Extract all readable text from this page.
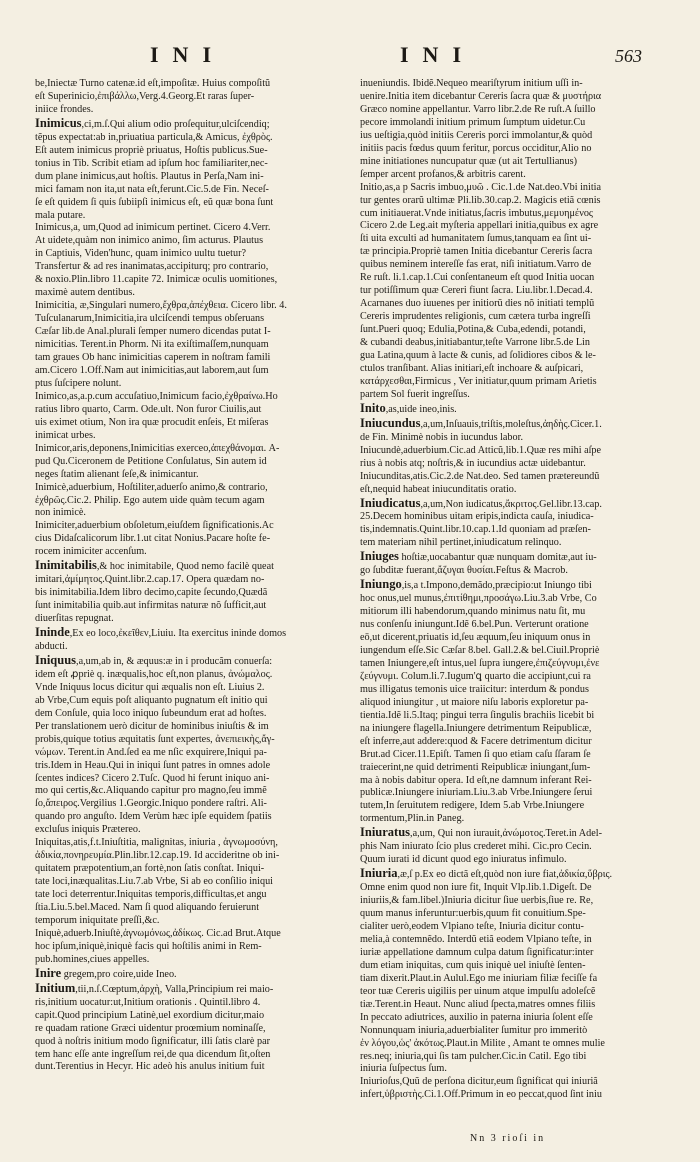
INI	INI	563
be,Iniectæ Turno catenæ.id eſt,impoſitæ. Huius compoſitũ
eſt Superinicio,ἐπιβάλλω,Verg.4.Georg.Et raras ſuper-
iniice frondes.
Inimicus,ci,m.ſ.Qui alium odio proſequitur,ulciſcendiq;
tẽpus expectat:ab in,priuatiua particula,& Amicus, ἐχθρὸς.
Eſt autem inimicus propriè priuatus, Hoſtis publicus.Sue-
tonius in Tib. Scribit etiam ad ipſum hoc familiariter,nec-
dum plane inimicus,aut hoſtis. Plautus in Perſa,Nam ini-
mici famam non ita,ut nata eſt,ferunt.Cic.5.de Fin. Neceſ-
ſe eſt quidem ſi quis ſubiipſi inimicus eſt, eũ quæ bona ſunt
mala putare.
Inimicus,a, um,Quod ad inimicum pertinet. Cicero 4.Verr.
At uidete,quàm non inimico animo, ſim acturus. Plautus
in Captiuis, Viden'hunc, quam inimico uultu tuetur?
Transfertur & ad res inanimatas,accipiturq; pro contrario,
& noxio.Plin.libro 11.capite 72. Inimicæ oculis uomitiones,
maximè autem dentibus.
Inimicitia, æ,Singulari numero,ἔχθρα,ἀπέχθεια. Cicero libr. 4.
Tuſculanarum,Inimicitia,ira ulciſcendi tempus obſeruans
Cæſar lib.de Anal.plurali ſemper numero dicendas putat I-
nimicitias. Terent.in Phorm. Ni ita exiſtimaſſem,nunquam
tam graues Ob hanc inimicitias caperem in noſtram famili
am.Cicero 1.Off.Nam aut inimicitias,aut laborem,aut ſum
ptus ſuſcipere nolunt.
Inimico,as,a.p.cum accuſatiuo,Inimicum facio,ἐχθραίνω.Ho
ratius libro quarto, Carm. Ode.ult. Non furor Ciuilis,aut
uis eximet otium, Non ira quæ procudit enſeis, Et miſeras
inimicat urbes.
Inimicor,aris,deponens,Inimicitias exerceo,ἀπεχθάνομαι. A-
pud Qu.Ciceronem de Petitione Conſulatus, Sin autem id
neges ſtatim alienant ſeſe,& inimicantur.
Inimicè,aduerbium, Hoſtiliter,aduerſo animo,& contrario,
ἐχθρῶς.Cic.2. Philip. Ego autem uide quàm tecum agam
non inimicè.
Inimiciter,aduerbium obſoletum,eiuſdem ſignificationis.Ac
cius Didaſcalicorum libr.1.ut citat Nonius.Pacare hoſte fe-
rocem inimiciter accenſum.
Inimitabilis,& hoc inimitabile, Quod nemo facilè queat
imitari,ἀμίμητος.Quint.libr.2.cap.17. Opera quædam no-
bis inimitabilia.Idem libro decimo,capite ſecundo,Quædã
ſunt inimitabilia quib.aut infirmitas naturæ nõ ſufficit,aut
diuerſitas repugnat.
Ininde,Ex eo loco,ἐκεῖθεν,Liuiu. Ita exercitus ininde domos
abducti.
Iniquus,a,um,ab in, & æquus:æ in i producãm conuerſa:
idem eſt ꝓpriè q. inæqualis,hoc eſt,non planus, ἀνώμαλος.
Vnde Iniquus locus dicitur qui æqualis non eſt. Liuius 2.
ab Vrbe,Cum equis poſt aliquanto pugnatum eſt initio qui
dem Conſule, quia loco iniquo ſubeundum erat ad hoſtes.
Per translationem uerò dicitur de hominibus iniuſtis & im
probis,quique totius æquitatis ſunt expertes, ἀνεπιεικὴς,ἄγ-
νώμων. Terent.in And.ſed ea me nſic exquirere,Iniqui pa-
tris.Idem in Heau.Qui in iniqui ſunt patres in omnes adole
ſcentes indices? Cicero 2.Tuſc. Quod hi ferunt iniquo ani-
mo qui certis,&c.Aliquando capitur pro magno,ſeu immẽ
ſo,ἄπειρος.Vergilius 1.Georgic.Iniquo pondere raſtri. Ali-
quando pro anguſto. Idem Verùm hæc ipſe equidem ſpatiis
excluſus iniquis Prætereo.
Iniquitas,atis,f.t.Iniuſtitia, malignitas, iniuria , ἀγνωμοσύνη,
ἀδικία,πονηρευμία.Plin.libr.12.cap.19. Id accideritne ob ini-
quitatem præpotentium,an fortè,non ſatis conſtat. Iniqui-
tate loci,inæqualitas.Liu.7.ab Vrbe, Si ab eo conſilio iniqui
tate loci deterrentur.Iniquitas temporis,difficultas,et angu
ſtia.Liu.5.bel.Maced. Nam ſi quod aliquando feruierunt
temporum iniquitate preſſi,&c.
Iniquè,aduerb.Iniuſtè,ἀγνωμόνως,ἀδίκως. Cic.ad Brut.Atque
hoc ipſum,iniquè,iniquè facis qui hoſtilis animi in Rem-
pub.homines,ciues appelles.
Inire gregem,pro coire,uide Ineo.
Initium,tii,n.ſ.Cœptum,ἀρχὴ, Valla,Principium rei maio-
ris,initium uocatur:ut,Initium orationis . Quintil.libro 4.
capit.Quod principium Latinè,uel exordium dicitur,maio
re quadam ratione Græci uidentur proœmium nominaſſe,
quod à noſtris initium modo ſignificatur, illi ſatis clarè par
tem hanc eſſe ante ingreſſum rei,de qua dicendum ſit,oſten
dunt.Terentius in Hecyr. Hic adeò his anulus initium fuit
inueniundis. Ibidẽ.Nequeo meariſtyrum initium uſſi in-
uenire.Initia item dicebantur Cereris ſacra quæ & μυστήρια
Græco nomine appellantur. Varro libr.2.de Re ruſt.A ſuillo
pecore immolandi initium primum ſumptum uidetur.Cu
ius ueſtigia,quòd initiis Cereris porci immolantur,& quòd
initiis pacis fœdus quum feritur, porcus occiditur,Alio no
mine initiationes nuncupatur quæ (ut ait Tertullianus)
ſemper arcent profanos,& arbitris carent.
Initio,as,a p Sacris imbuo,μυῶ . Cic.1.de Nat.deo.Vbi initia
tur gentes orarũ ultimæ Pli.lib.30.cap.2. Magicis etiã cœnis
cum initiauerat.Vnde initiatus,ſacris imbutus,μεμυημένος
Cicero 2.de Leg.ait myſteria appellari initia,quibus ex agre
ſti uita exculti ad humanitatem ſumus,tanquam ea ſint ui-
tæ principia.Propriè tamen Initia dicebantur Cereris ſacra
quibus neminem intereſſe fas erat, niſi initiatum.Varro de
Re ruſt. li.1.cap.1.Cui conſentaneum eſt quod Initia uocan
tur potiſſimum quæ Cereri fiunt ſacra. Liu.libr.1.Decad.4.
Acarnanes duo iuuenes per initiorũ dies nõ initiati templũ
Cereris imprudentes religionis, cum cætera turba ingreſſi
ſunt.Pueri quoq; Edulia,Potina,& Cuba,edendi, potandi,
& cubandi deabus,initiabantur,teſte Varrone libr.5.de Lin
gua Latina,quum à lacte & cunis, ad ſolidiores cibos & le-
ctulos tranſibant. Alias initiari,eſt inchoare & auſpicari,
κατάρχεσθαι,Firmicus , Ver initiatur,quum primam Arietis
partem Sol fuerit ingreſſus.
Inito,as,uide ineo,inis.
Iniucundus,a,um,Inſuauis,triſtis,moleſtus,ἀηδὴς.Cicer.1.
de Fin. Minimè nobis in iucundus labor.
Iniucundè,aduerbium.Cic.ad Atticũ,lib.1.Quæ res mihi aſpe
rius à nobis atq; noſtris,& in iucundius actæ uidebantur.
Iniucunditas,atis.Cic.2.de Nat.deo. Sed tamen prætereundũ
eſt,nequid habeat iniucunditatis oratio.
Iniudicatus,a,um,Non iudicatus,ἄκριτος.Gel.libr.13.cap.
25.Decem hominibus uitam eripis,indicta cauſa, iniudica-
tis,indemnatis.Quint.libr.10.cap.1.Id quoniam ad præſen-
tem materiam nihil pertinet,iniudicatum relinquo.
Iniuges hoſtiæ,uocabantur quæ nunquam domitæ,aut iu-
go ſubditæ fuerant,ἄζυγαι θυσίαι.Feſtus & Macrob.
Iniungo,is,a t.Impono,demãdo,præcipio:ut Iniungo tibi
hoc onus,uel munus,ἐπιτίθημι,προσάγω.Liu.3.ab Vrbe, Co
mitiorum illi habendorum,quando minimus natu ſit, mu
nus conſenſu iniungunt.Idẽ 6.bel.Pun. Verterunt oratione
eō,ut dicerent,priuatis id,ſeu æquum,ſeu iniquum onus in
iungendum eſſe.Sic Cæſar 8.bel. Gall.2.& bel.Ciuil.Propriè
tamen Iniungere,eſt intus,uel ſupra iungere,ἐπιζεύγνυμι,ἐνε
ζεύγνυμι. Colum.li.7.Iugum'ꝗ quarto die accipiunt,cui ra
mus illigatus temonis uice traiicitur: interdum & pondus
aliquod iniungitur , ut maiore niſu laboris exploretur pa-
tientia.Idẽ li.5.Itaq; pingui terra ſingulis brachiis licebit bi
na iniungere flagella.Iniungere detrimentum Reipublicæ,
eſt inferre,aut addere:quod & Facere detrimentum dicitur
Brut.ad Cicer.11.Epiſt. Tamen ſi quo etiam caſu ſſaram ſe
traiecerint,ne quid detrimenti Reipublicæ iniungant,ſum-
ma à nobis dabitur opera. Id eſt,ne damnum inferant Rei-
publicæ.Iniungere iniuriam.Liu.3.ab Vrbe.Iniungere ſerui
tutem,In ſeruitutem redigere, Idem 5.ab Vrbe.Iniungere
tormentum,Plin.in Paneg.
Iniuratus,a,um, Qui non iurauit,ἀνώμοτος.Teret.in Adel-
phis Nam iniurato ſcio plus crederet mihi. Cic.pro Cecin.
Quum iurati id dicunt quod ego iniuratus infimulo.
Iniuria,æ,ſ p.Ex eo dictã eſt,quòd non iure fiat,ἀδικία,ὕβρις.
Omne enim quod non iure fit, Inquit Vlp.lib.1.Digeſt. De
iniuriis,& fam.libel.)Iniuria dicitur ſiue uerbis,ſiue re. Re,
quum manus inferuntur:uerbis,quum fit conuitium.Spe-
cialiter uerò,eodem Vlpiano teſte, Iniuria dicitur contu-
melia,à contemnẽdo. Interdũ etiã eodem Vlpiano teſte, in
iuriæ appellatione damnum culpa datum ſignificatur:inter
dum etiam iniquitas, cum quis iniquè uel iniuſtè ſenten-
tiam dixerit.Plaut.in Aulul.Ego me iniuriam filiæ feciſſe fa
teor tuæ Cereris uigiliis per uinum atque impulſu adoleſcẽ
tiæ.Terent.in Heaut. Nunc aliud ſpecta,matres omnes filiis
In peccato adiutrices, auxilio in paterna iniuria ſolent eſſe
Nonnunquam iniuria,aduerbialiter ſumitur pro immeritò
ἐν λόγου,ὡς' ἀκότως.Plaut.in Milite , Amant te omnes mulie
res.neq; iniuria,qui ſis tam pulcher.Cic.in Catil. Ego tibi
iniuria ſuſpectus ſum.
Iniurioſus,Quũ de perſona dicitur,eum ſignificat qui iniuriã
infert,ὑβριστὴς.Ci.1.Off.Primum in eo peccat,quod ſint iniu
Nn 3 rioſi in
